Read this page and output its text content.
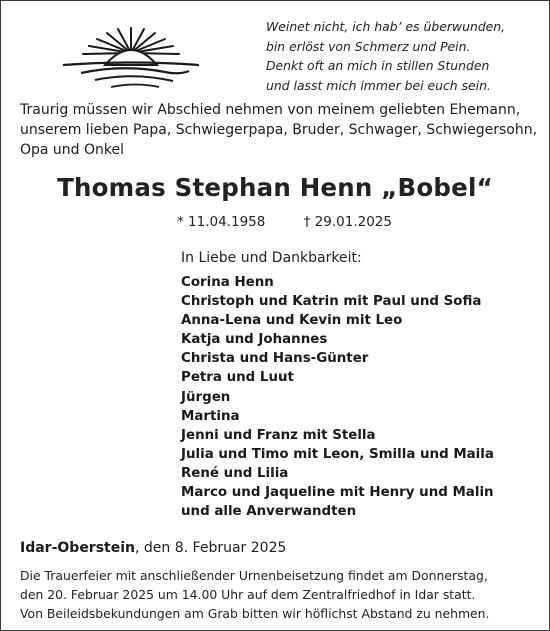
Weinet nicht, ich hab’ es überwunden,
bin erlöst von Schmerz und Pein.
Denkt oft an mich in stillen Stunden
und lasst mich immer bei euch sein.
Traurig müssen wir Abschied nehmen von meinem geliebten Ehemann,
unserem lieben Papa, Schwiegerpapa, Bruder, Schwager, Schwiegersohn,
Opa und Onkel
Thomas Stephan Henn „Bobel“
* 11.04.1958	† 29.01.2025
In Liebe und Dankbarkeit:
Corina Henn
Christoph und Katrin mit Paul und Sofia
Anna-Lena und Kevin mit Leo
Katja und Johannes
Christa und Hans-Günter
Petra und Luut
Jürgen
Martina
Jenni und Franz mit Stella
Julia und Timo mit Leon, Smilla und Maila
René und Lilia
Marco und Jaqueline mit Henry und Malin
und alle Anverwandten
Idar-Oberstein, den 8. Februar 2025
Die Trauerfeier mit anschließender Urnenbeisetzung findet am Donnerstag,
den 20. Februar 2025 um 14.00 Uhr auf dem Zentralfriedhof in Idar statt.
Von Beileidsbekundungen am Grab bitten wir höflichst Abstand zu nehmen.
